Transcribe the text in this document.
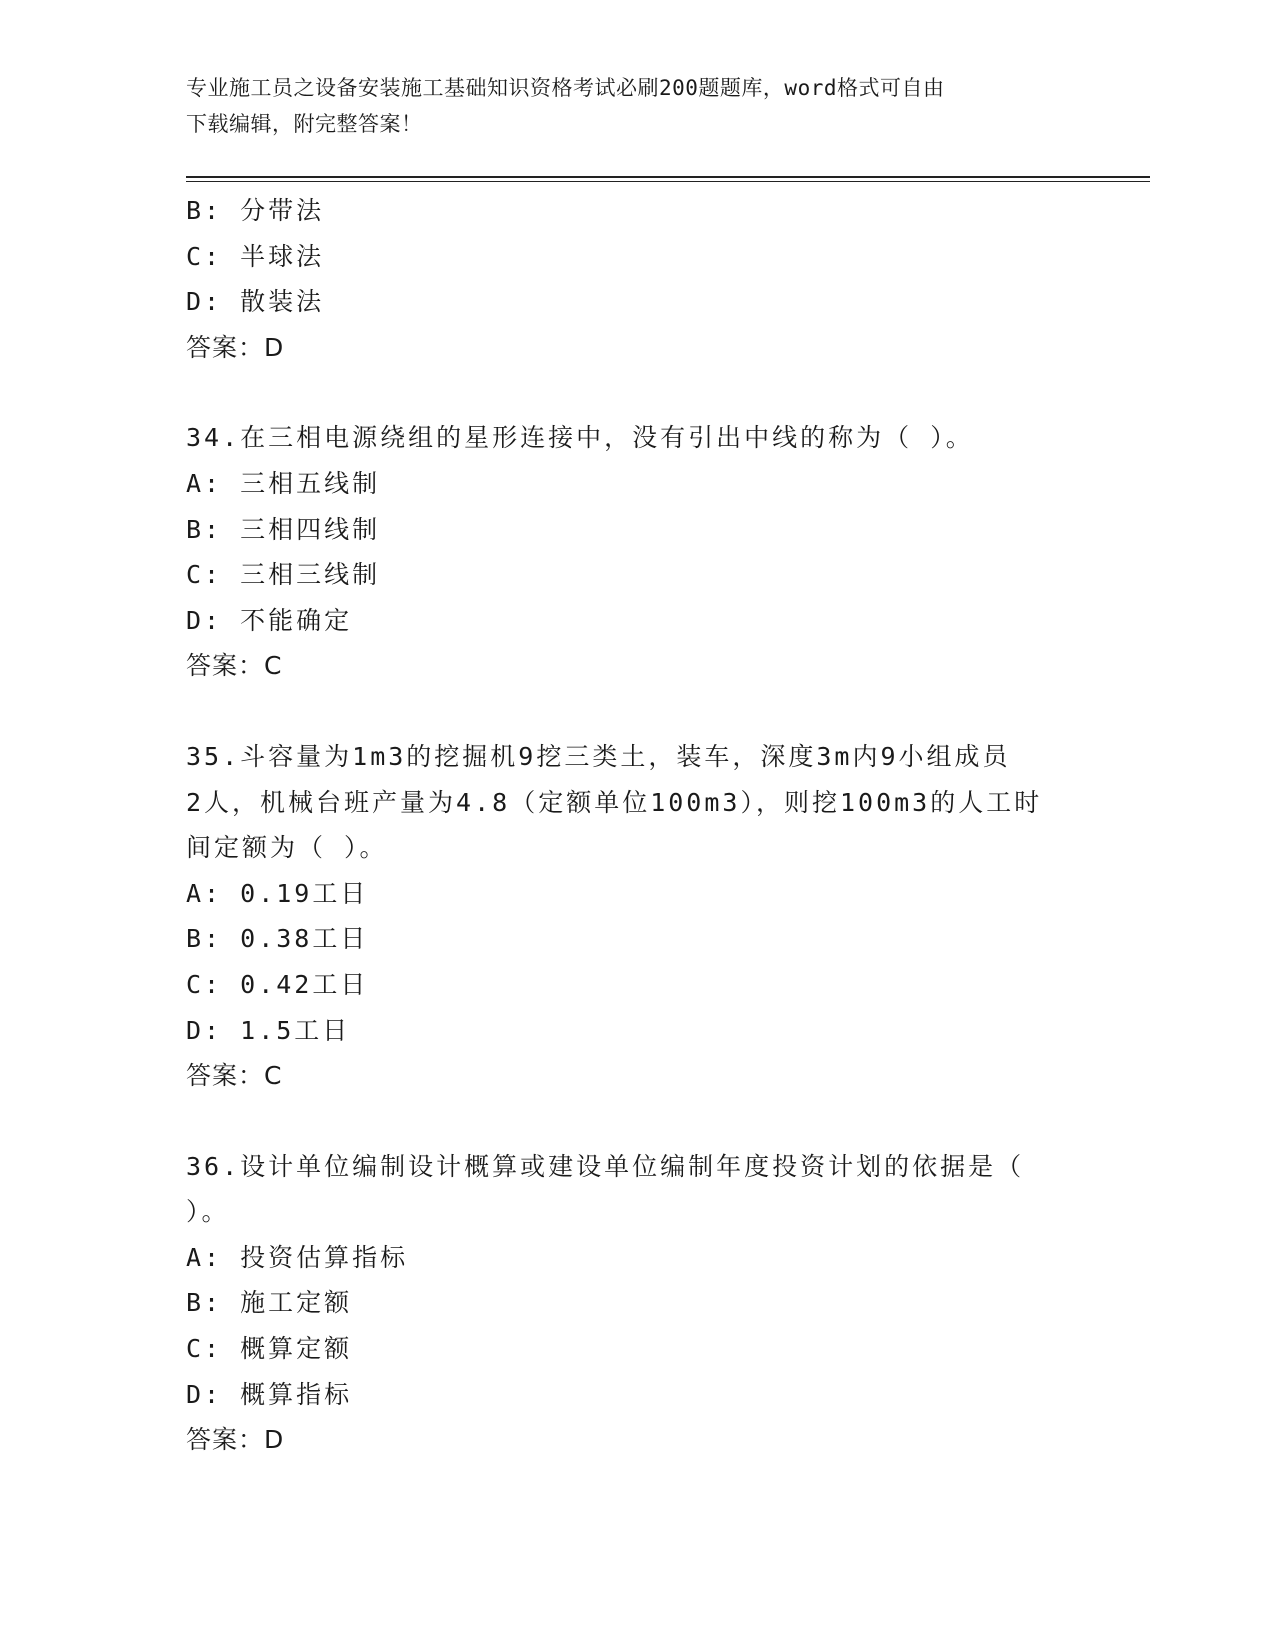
专业施工员之设备安装施工基础知识资格考试必刷200题题库，word格式可自由
下载编辑，附完整答案！

B: 分带法

C: 半球法

D: 散装法

答案：D

34.在三相电源绕组的星形连接中，没有引出中线的称为（ ）。

A: 三相五线制

B: 三相四线制

C: 三相三线制

D: 不能确定

答案：C

35.斗容量为1m3的挖掘机9挖三类土，装车，深度3m内9小组成员

2人，机械台班产量为4.8（定额单位100m3），则挖100m3的人工时

间定额为（ ）。

A: 0.19工日

B: 0.38工日

C: 0.42工日

D: 1.5工日

答案：C

36.设计单位编制设计概算或建设单位编制年度投资计划的依据是（

）。

A: 投资估算指标

B: 施工定额

C: 概算定额

D: 概算指标

答案：D
